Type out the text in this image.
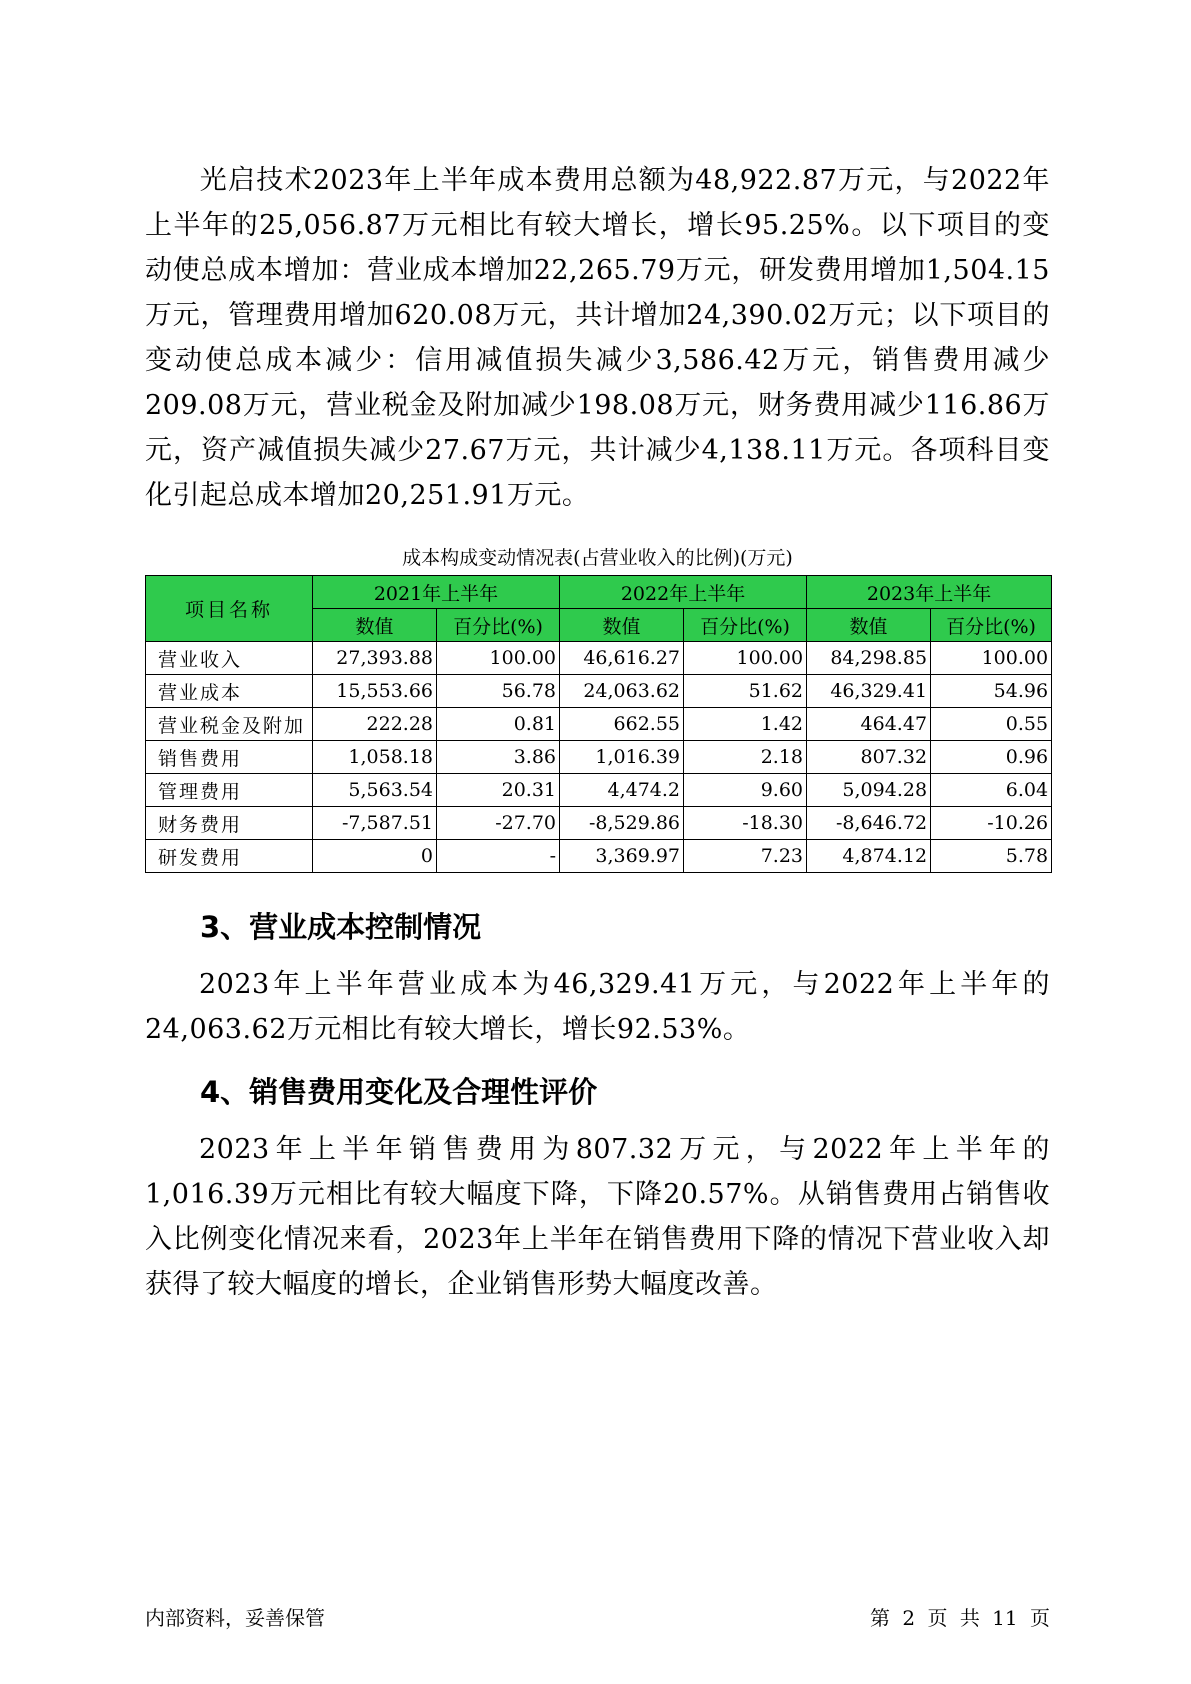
光启技术2023年上半年成本费用总额为48,922.87万元，与2022年上半年的25,056.87万元相比有较大增长，增长95.25%。以下项目的变动使总成本增加：营业成本增加22,265.79万元，研发费用增加1,504.15万元，管理费用增加620.08万元，共计增加24,390.02万元；以下项目的变动使总成本减少：信用减值损失减少3,586.42万元，销售费用减少209.08万元，营业税金及附加减少198.08万元，财务费用减少116.86万元，资产减值损失减少27.67万元，共计减少4,138.11万元。各项科目变化引起总成本增加20,251.91万元。

成本构成变动情况表(占营业收入的比例)(万元)
项目名称	2021年上半年		2022年上半年		2023年上半年	
	数值	百分比(%)	数值	百分比(%)	数值	百分比(%)
营业收入	27,393.88	100.00	46,616.27	100.00	84,298.85	100.00
营业成本	15,553.66	56.78	24,063.62	51.62	46,329.41	54.96
营业税金及附加	222.28	0.81	662.55	1.42	464.47	0.55
销售费用	1,058.18	3.86	1,016.39	2.18	807.32	0.96
管理费用	5,563.54	20.31	4,474.2	9.60	5,094.28	6.04
财务费用	-7,587.51	-27.70	-8,529.86	-18.30	-8,646.72	-10.26
研发费用	0	-	3,369.97	7.23	4,874.12	5.78
3、营业成本控制情况

2023年上半年营业成本为46,329.41万元，与2022年上半年的24,063.62万元相比有较大增长，增长92.53%。

4、销售费用变化及合理性评价

2023年上半年销售费用为807.32万元，与2022年上半年的1,016.39万元相比有较大幅度下降，下降20.57%。从销售费用占销售收入比例变化情况来看，2023年上半年在销售费用下降的情况下营业收入却获得了较大幅度的增长，企业销售形势大幅度改善。

内部资料，妥善保管	第 2 页 共 11 页
